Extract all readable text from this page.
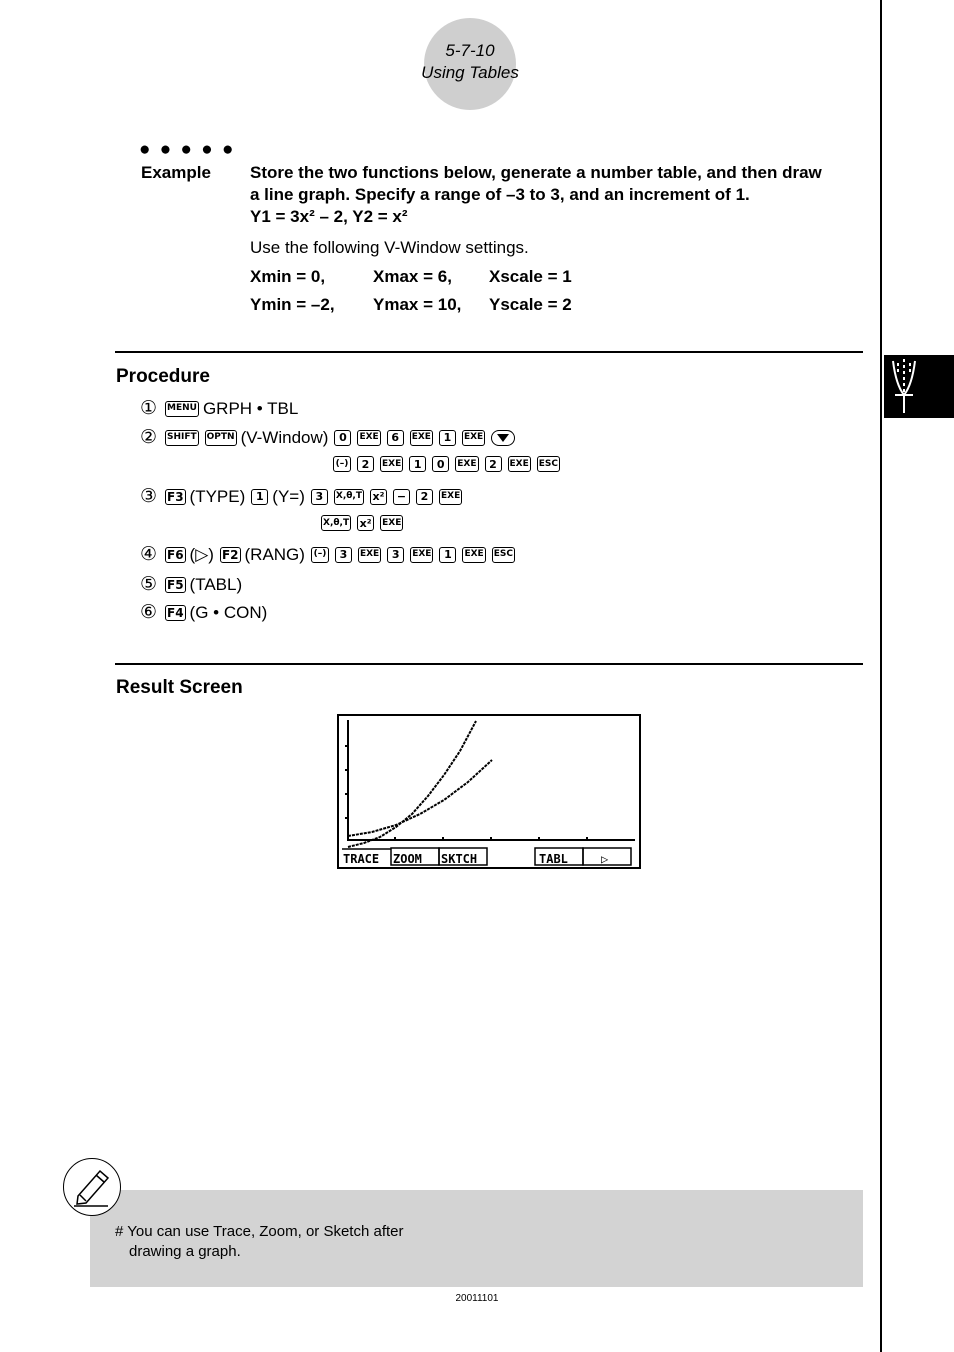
5-7-10
Using Tables
● ● ● ● ●
Example Store the two functions below, generate a number table, and then draw
a line graph. Specify a range of –3 to 3, and an increment of 1.
Y1 = 3x² – 2, Y2 = x²
Use the following V-Window settings.
Xmin = 0,	Xmax = 6, Xscale = 1
Ymin = –2, Ymax = 10, Yscale = 2
Procedure
①	MENU GRPH • TBL
②	SHIFT OPTN (V-Window) 0	EXE	6	EXE	1	EXE
(–)	2	EXE	1	0	EXE	2	EXE ESC
③ F3 (TYPE) 1 (Y=) 3	X,θ,T x²	−	2	EXE
X,θ,T x² EXE
④ F6 (▷) F2 (RANG) (–)	3	EXE	3	EXE	1	EXE ESC
⑤ F5 (TABL)
⑥ F4 (G • CON)
Result Screen
TRACE ZOOM SKTCH	TABL	▷
# You can use Trace, Zoom, or Sketch after
drawing a graph.
20011101
